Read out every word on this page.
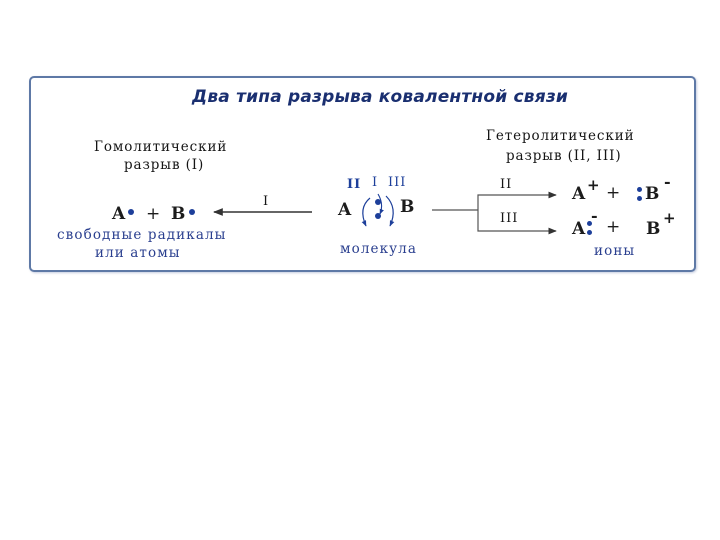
Два типа разрыва ковалентной связи
Гомолитический
разрыв (I)
I
A + B
свободные радикалы
или атомы
II I III
A	B
молекула
Гетеролитический
разрыв (II, III)
II
III
A + + B
-
A
-
+ B
+
ионы
